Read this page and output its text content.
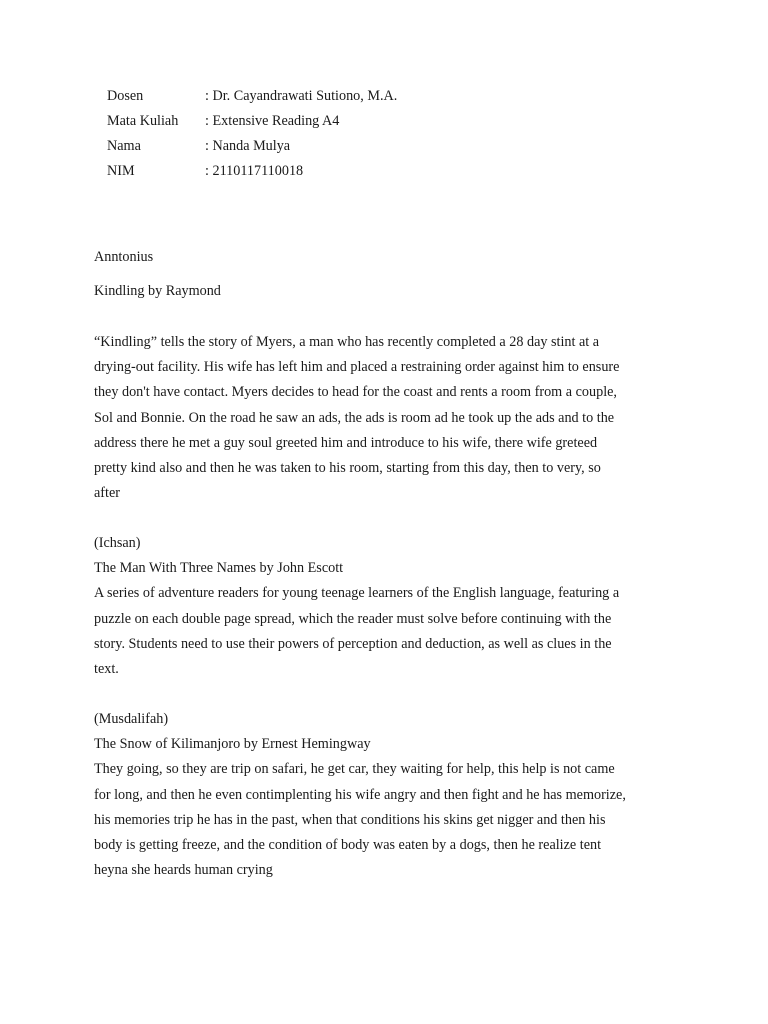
Dosen	: Dr. Cayandrawati Sutiono, M.A.
Mata Kuliah : Extensive Reading A4
Nama	: Nanda Mulya
NIM	: 2110117110018
Anntonius
Kindling by Raymond
“Kindling” tells the story of Myers, a man who has recently completed a 28 day stint at a
drying-out facility. His wife has left him and placed a restraining order against him to ensure
they don't have contact. Myers decides to head for the coast and rents a room from a couple,
Sol and Bonnie. On the road he saw an ads, the ads is room ad he took up the ads and to the
address there he met a guy soul greeted him and introduce to his wife, there wife greteed
pretty kind also and then he was taken to his room, starting from this day, then to very, so
after
(Ichsan)
The Man With Three Names by John Escott
A series of adventure readers for young teenage learners of the English language, featuring a
puzzle on each double page spread, which the reader must solve before continuing with the
story. Students need to use their powers of perception and deduction, as well as clues in the
text.
(Musdalifah)
The Snow of Kilimanjoro by Ernest Hemingway
They going, so they are trip on safari, he get car, they waiting for help, this help is not came
for long, and then he even contimplenting his wife angry and then fight and he has memorize,
his memories trip he has in the past, when that conditions his skins get nigger and then his
body is getting freeze, and the condition of body was eaten by a dogs, then he realize tent
heyna she heards human crying
